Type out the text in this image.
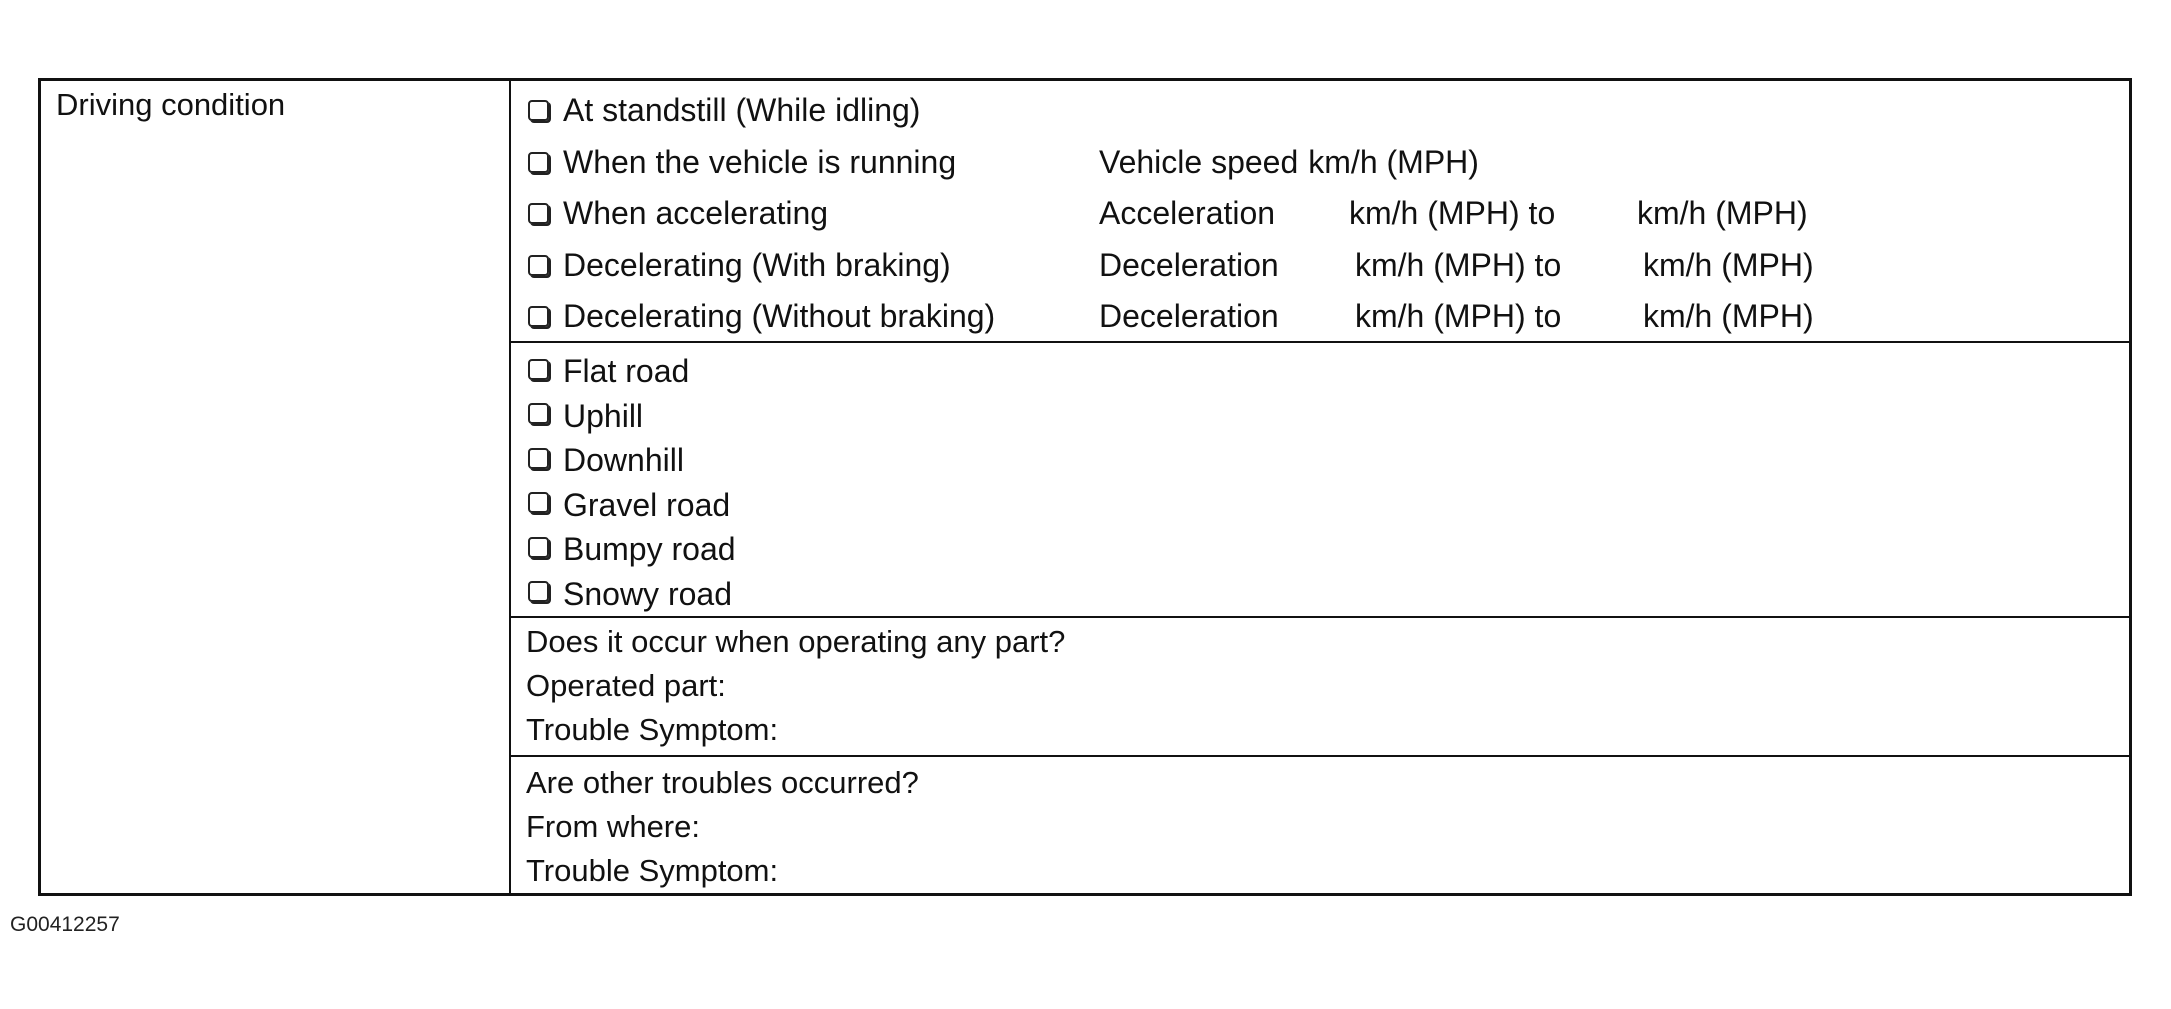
Driving condition	At standstill (While idling)
When the vehicle is running	Vehicle speed km/h (MPH)
When accelerating	Acceleration	km/h (MPH) to	km/h (MPH)
Decelerating (With braking)	Deceleration	km/h (MPH) to	km/h (MPH)
Decelerating (Without braking)	Deceleration	km/h (MPH) to	km/h (MPH)
Flat road
Uphill
Downhill
Gravel road
Bumpy road
Snowy road
Does it occur when operating any part?
Operated part:
Trouble Symptom:
Are other troubles occurred?
From where:
Trouble Symptom:
G00412257
